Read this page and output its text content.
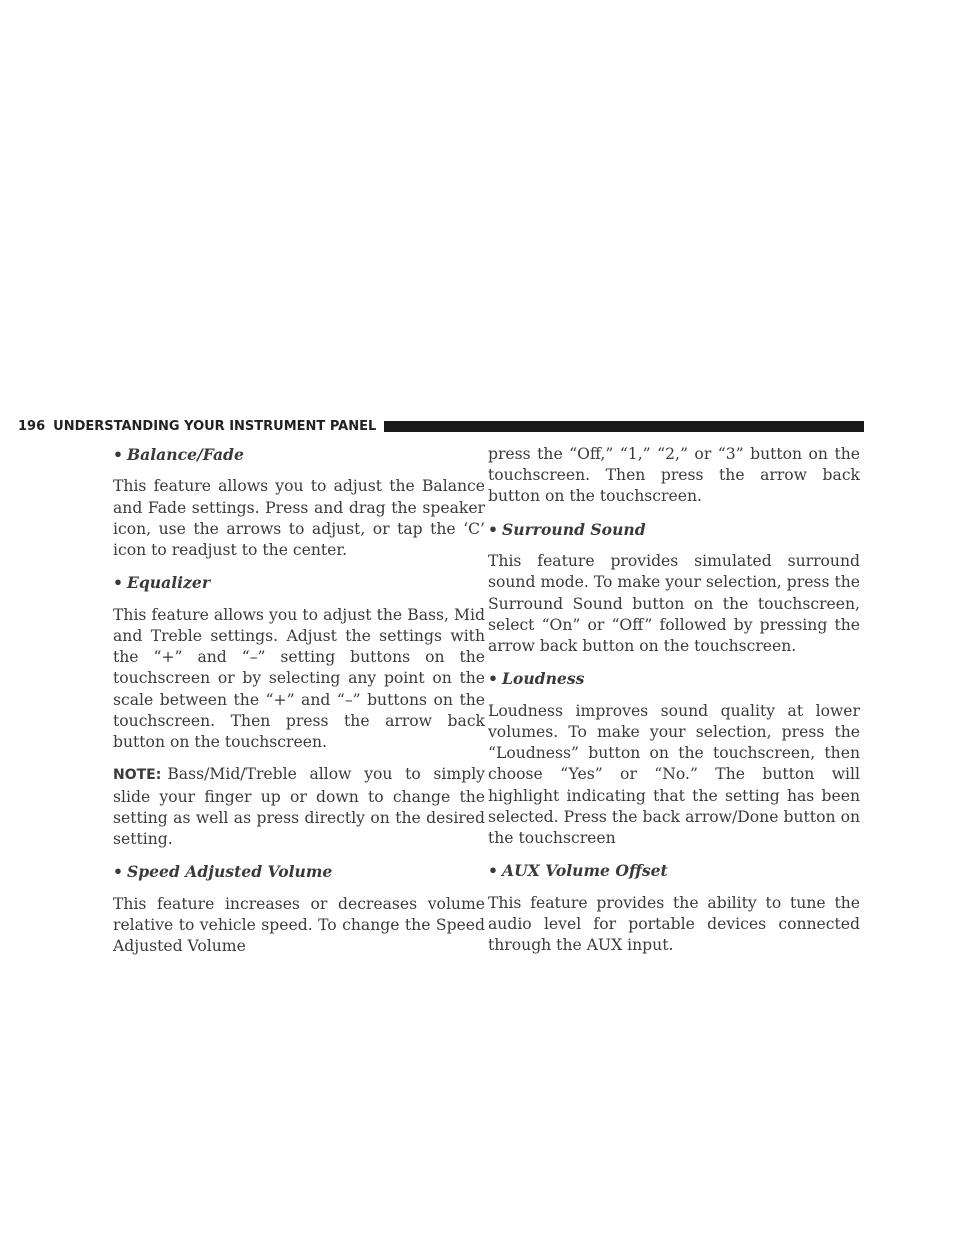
196 UNDERSTANDING YOUR INSTRUMENT PANEL
• Balance/Fade

This feature allows you to adjust the Balance and Fade settings. Press and drag the speaker icon, use the arrows to adjust, or tap the ‘C’ icon to readjust to the center.

• Equalizer

This feature allows you to adjust the Bass, Mid and Treble settings. Adjust the settings with the “+” and “–” setting buttons on the touchscreen or by selecting any point on the scale between the “+” and “–” buttons on the touchscreen. Then press the arrow back button on the touchscreen.

NOTE: Bass/Mid/Treble allow you to simply slide your finger up or down to change the setting as well as press directly on the desired setting.

• Speed Adjusted Volume

This feature increases or decreases volume relative to vehicle speed. To change the Speed Adjusted Volume

press the “Off,” “1,” “2,” or “3” button on the touchscreen. Then press the arrow back button on the touchscreen.

• Surround Sound

This feature provides simulated surround sound mode. To make your selection, press the Surround Sound button on the touchscreen, select “On” or “Off” followed by pressing the arrow back button on the touchscreen.

• Loudness

Loudness improves sound quality at lower volumes. To make your selection, press the “Loudness” button on the touchscreen, then choose “Yes” or “No.” The button will highlight indicating that the setting has been selected. Press the back arrow/Done button on the touchscreen

• AUX Volume Offset

This feature provides the ability to tune the audio level for portable devices connected through the AUX input.
